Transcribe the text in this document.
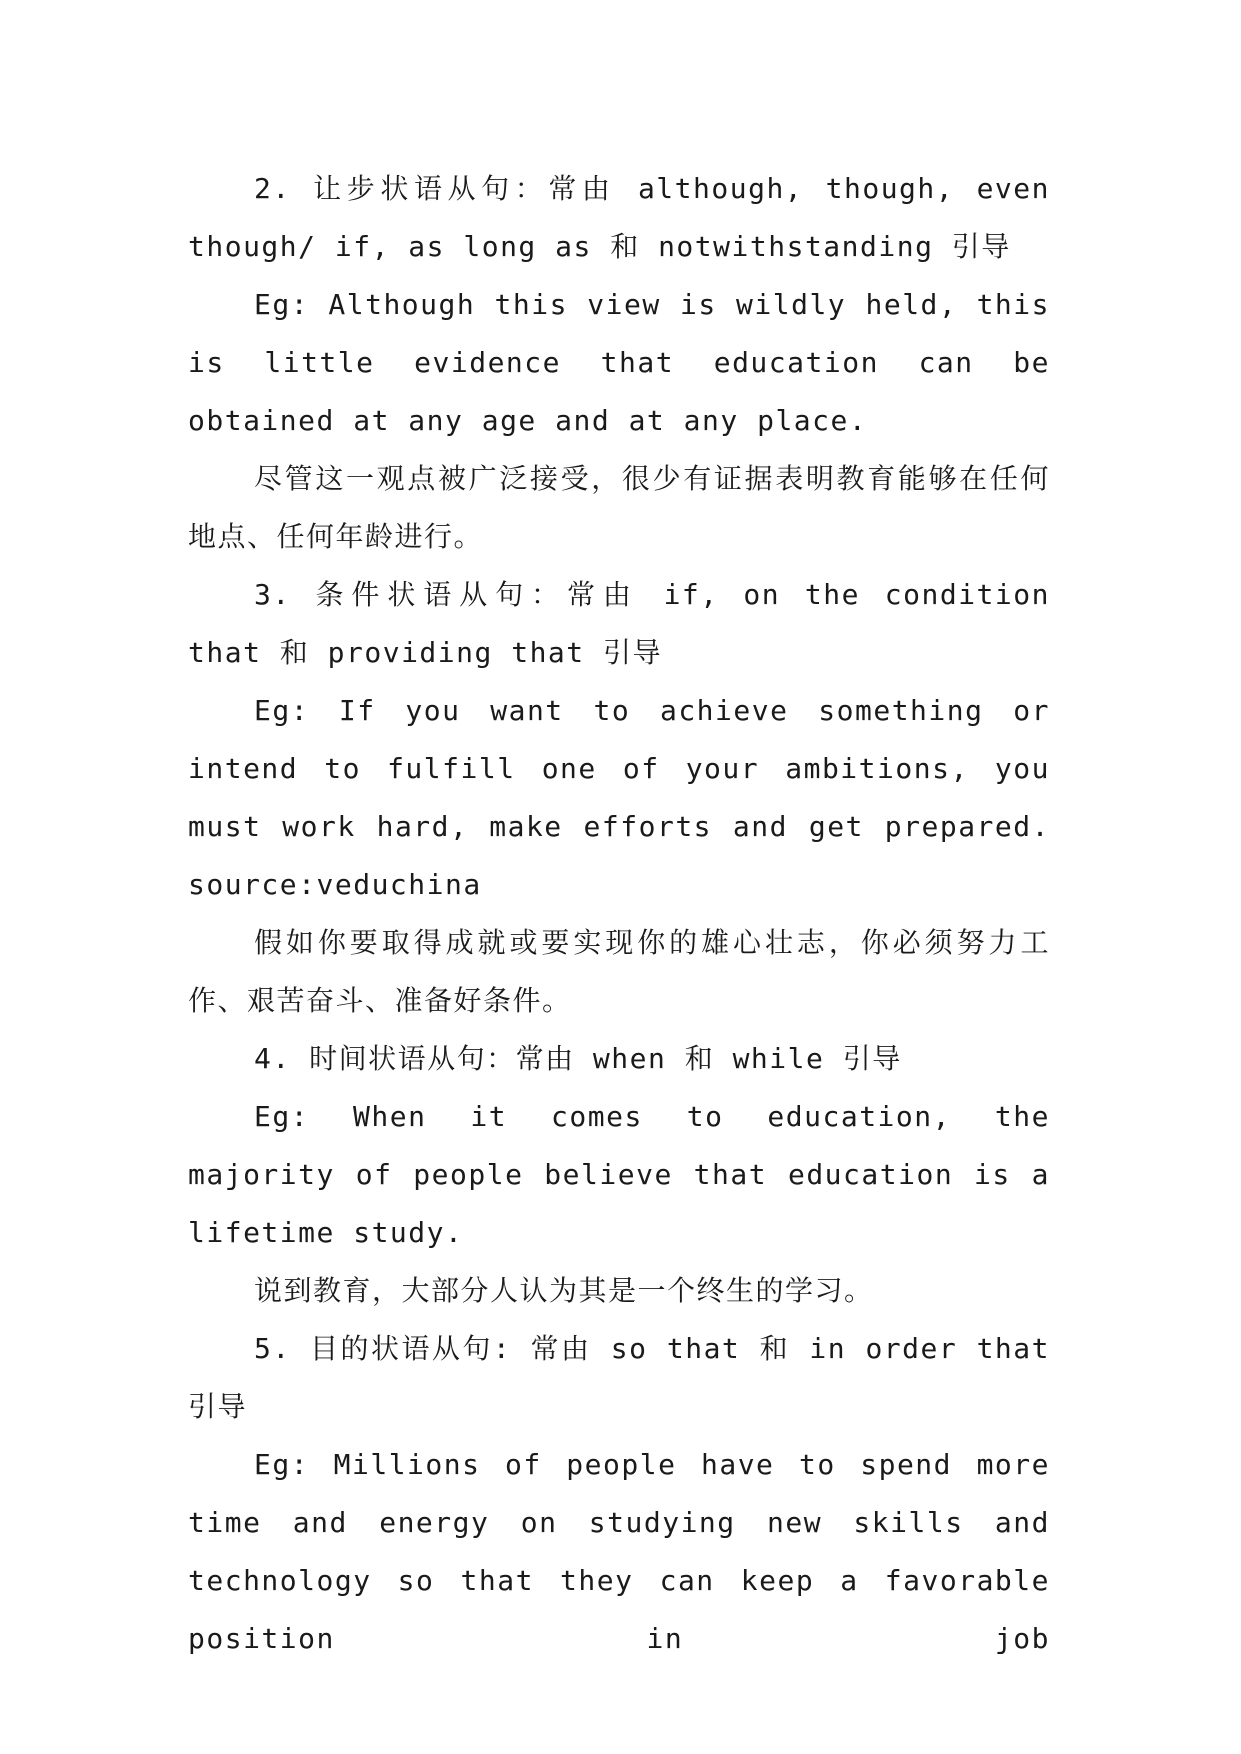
2. 让步状语从句：常由 although, though, even though/ if, as long as 和 notwithstanding 引导

Eg: Although this view is wildly held, this is little evidence that education can be obtained at any age and at any place.

尽管这一观点被广泛接受，很少有证据表明教育能够在任何地点、任何年龄进行。

3. 条件状语从句：常由 if, on the condition that 和 providing that 引导

Eg: If you want to achieve something or intend to fulfill one of your ambitions, you must work hard, make efforts and get prepared. source:veduchina

假如你要取得成就或要实现你的雄心壮志，你必须努力工作、艰苦奋斗、准备好条件。

4. 时间状语从句：常由 when 和 while 引导

Eg: When it comes to education, the majority of people believe that education is a lifetime study.

说到教育，大部分人认为其是一个终生的学习。

5. 目的状语从句: 常由 so that 和 in order that 引导

Eg: Millions of people have to spend more time and energy on studying new skills and technology so that they can keep a favorable position in job
